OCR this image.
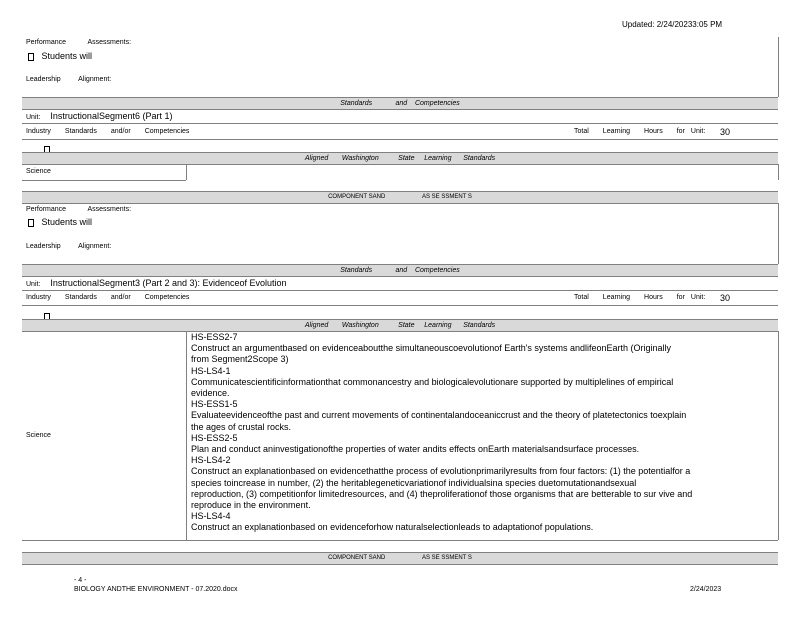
Updated: 2/24/20233:05 PM
Performance	Assessments:
Students will
Leadership	Alignment:
Standards	and Competencies
Unit: InstructionalSegment6 (Part 1)
Industry Standards and/or Competencies	Total Learning Hours for Unit:	30
Aligned Washington	State Learning Standards
Science
COMPONENT SAND	AS SE SSMENT S
Performance	Assessments:
Students will
Leadership	Alignment:
Standards	and Competencies
Unit: InstructionalSegment3 (Part 2 and 3): Evidenceof Evolution
Industry Standards and/or Competencies	Total Learning Hours for Unit:	30
Aligned Washington	State Learning Standards
Science

HS-ESS2-7

Construct an argumentbased on evidenceaboutthe simultaneouscoevolutionof Earth's systems andlifeonEarth (Originally

from Segment2Scope 3)

HS-LS4-1

Communicatescientificinformationthat commonancestry and biologicalevolutionare supported by multiplelines of empirical

evidence.

HS-ESS1-5

Evaluateevidenceofthe past and current movements of continentalandoceaniccrust and the theory of platetectonics toexplain

the ages of crustal rocks.

HS-ESS2-5

Plan and conduct aninvestigationofthe properties of water andits effects onEarth materialsandsurface processes.

HS-LS4-2

Construct an explanationbased on evidencethatthe process of evolutionprimarilyresults from four factors: (1) the potentialfor a

species toincrease in number, (2) the heritablegeneticvariationof individualsina species duetomutationandsexual

reproduction, (3) competitionfor limitedresources, and (4) theproliferationof those organisms that are betterable to sur vive and

reproduce in the environment.

HS-LS4-4

Construct an explanationbased on evidenceforhow naturalselectionleads to adaptationof populations.

COMPONENT SAND	AS SE SSMENT S
- 4 -
BIOLOGY ANDTHE ENVIRONMENT - 07.2020.docx	2/24/2023
